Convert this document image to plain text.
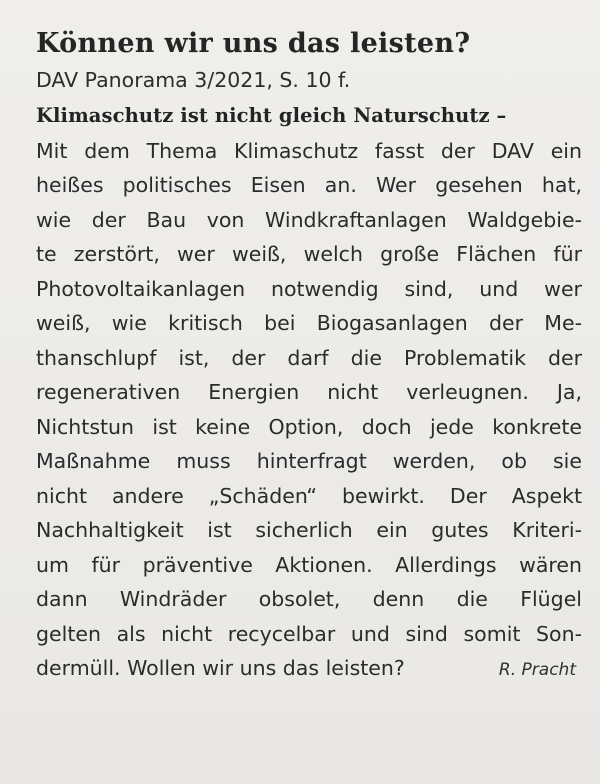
Können wir uns das leisten?
DAV Panorama 3/2021, S. 10 f.
Klimaschutz ist nicht gleich Naturschutz –
Mit dem Thema Klimaschutz fasst der DAV ein
heißes politisches Eisen an. Wer gesehen hat,
wie der Bau von Windkraftanlagen Waldgebie-
te zerstört, wer weiß, welch große Flächen für
Photovoltaikanlagen notwendig sind, und wer
weiß, wie kritisch bei Biogasanlagen der Me-
thanschlupf ist, der darf die Problematik der
regenerativen Energien nicht verleugnen. Ja,
Nichtstun ist keine Option, doch jede konkrete
Maßnahme muss hinterfragt werden, ob sie
nicht andere „Schäden“ bewirkt. Der Aspekt
Nachhaltigkeit ist sicherlich ein gutes Kriteri-
um für präventive Aktionen. Allerdings wären
dann Windräder obsolet, denn die Flügel
gelten als nicht recycelbar und sind somit Son-
dermüll. Wollen wir uns das leisten?	R. Pracht
